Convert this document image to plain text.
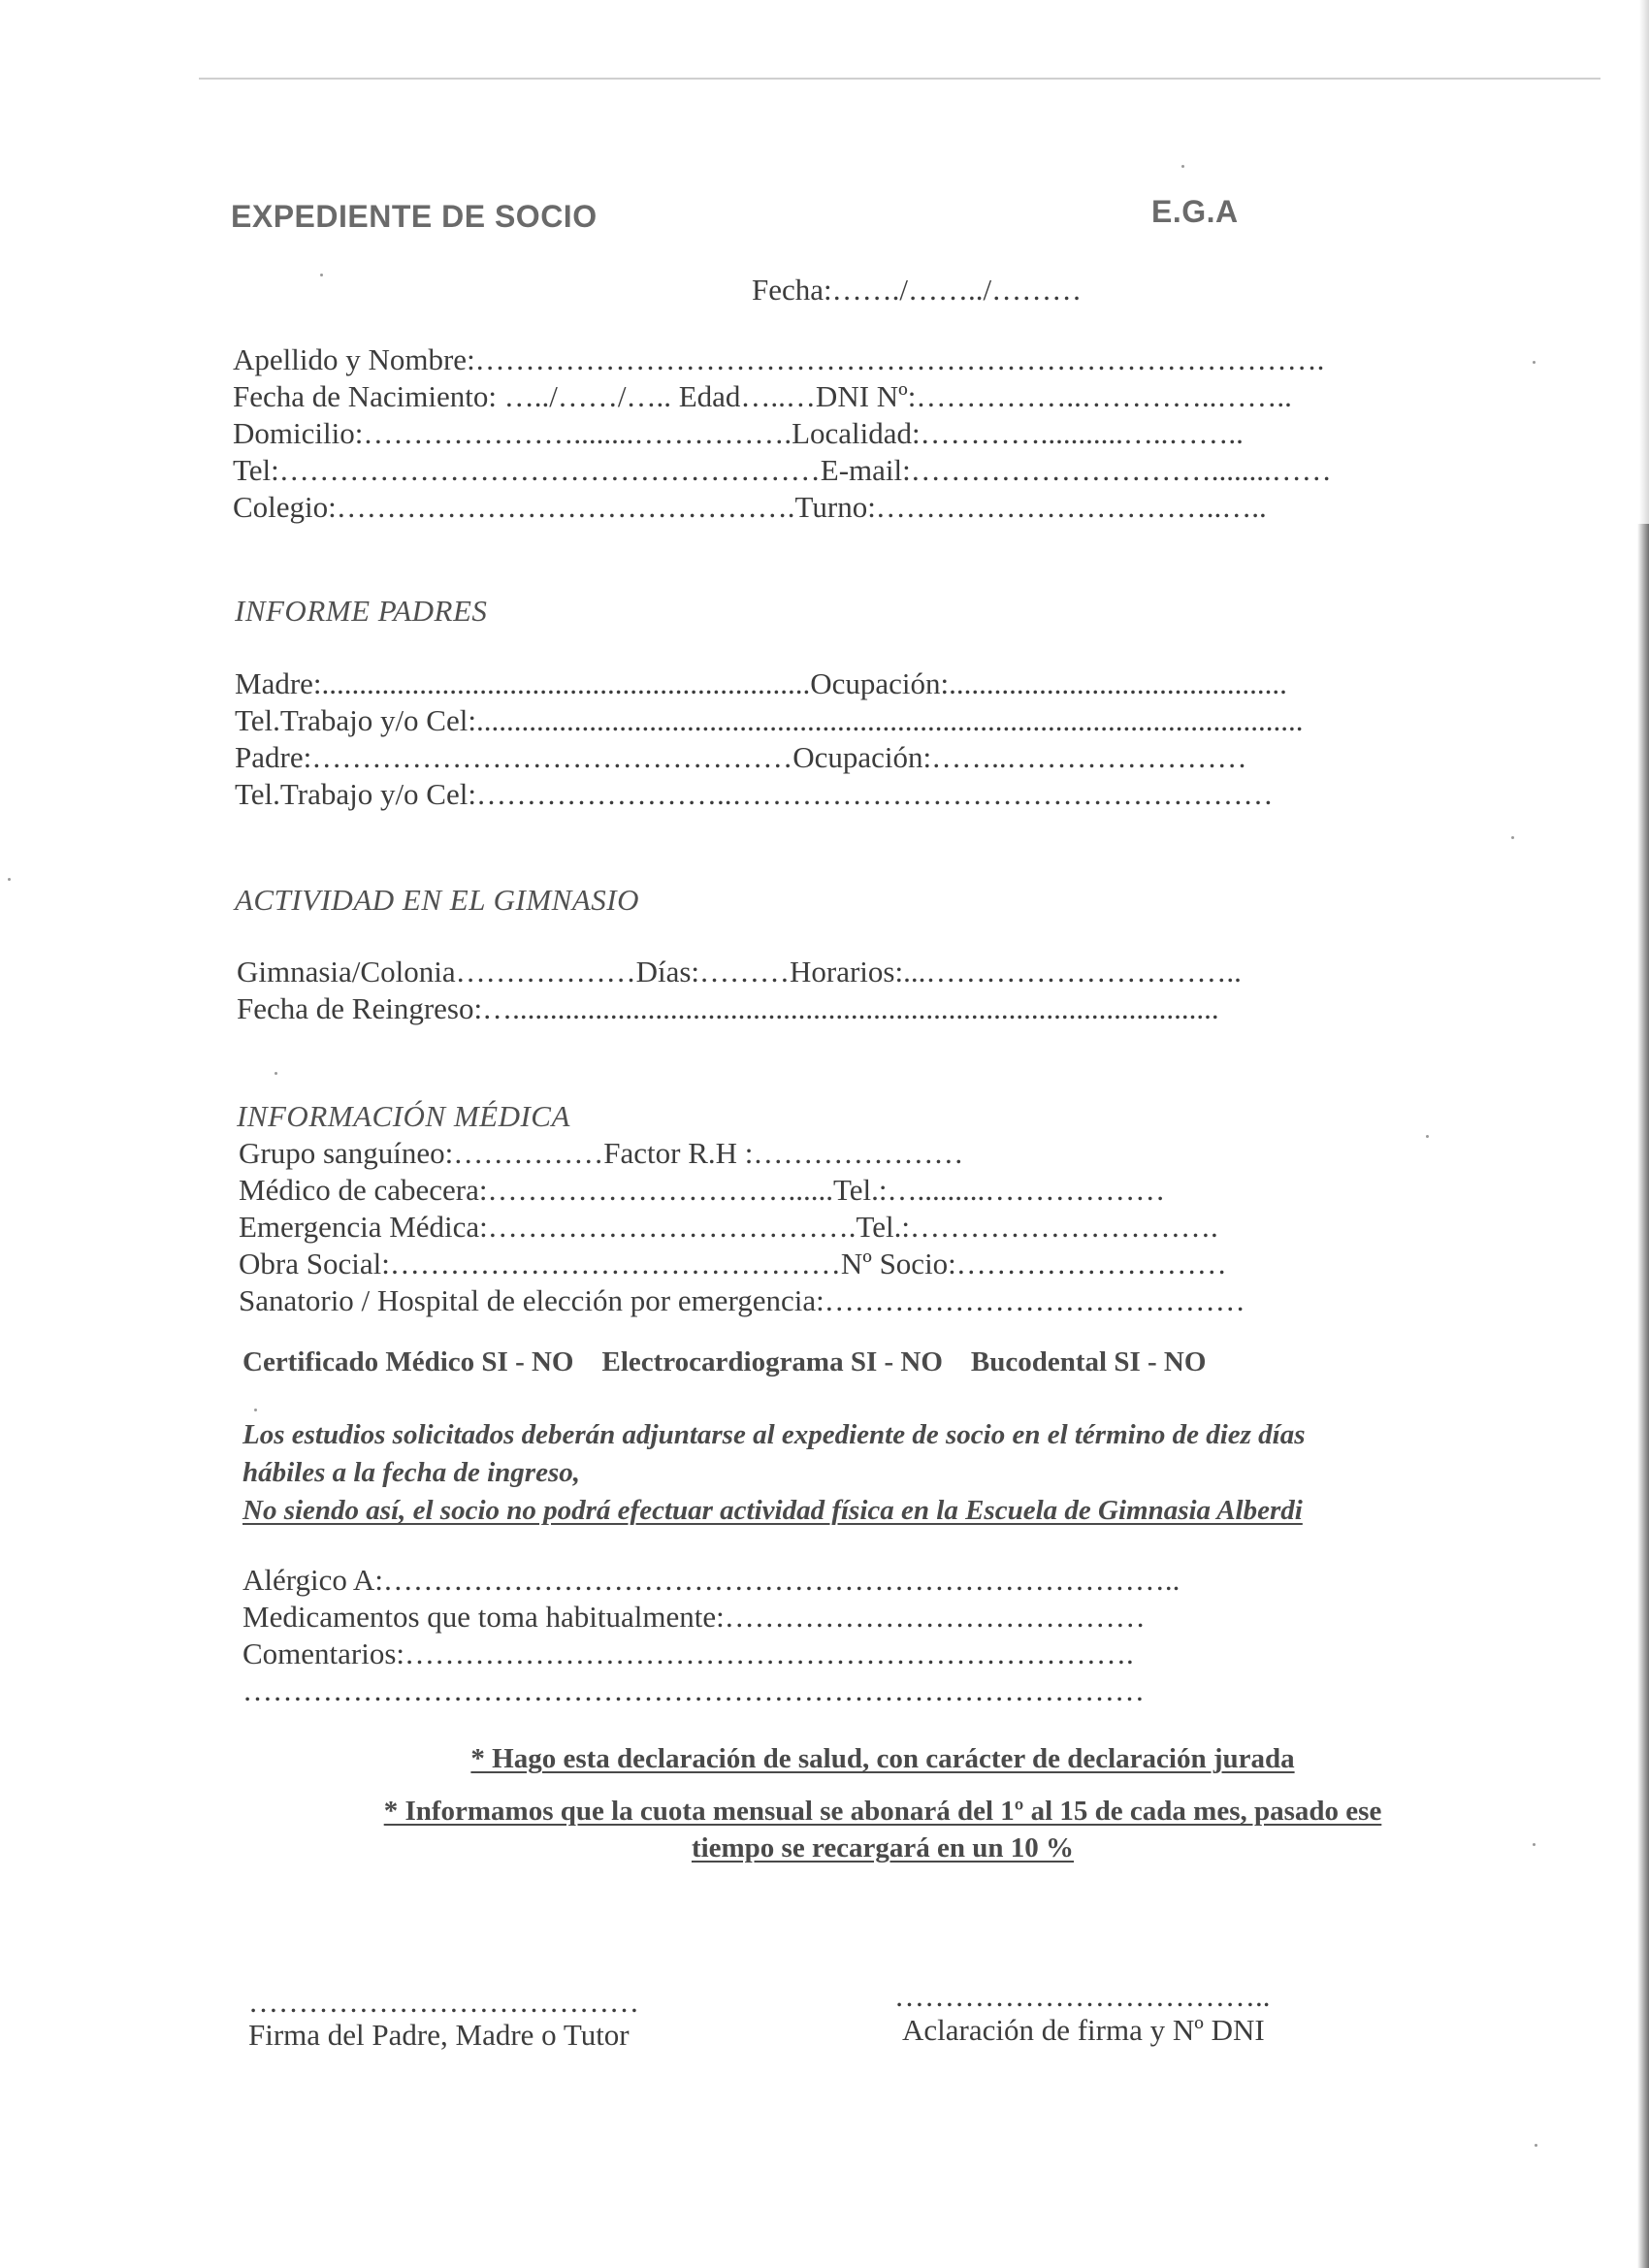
EXPEDIENTE DE SOCIO	E.G.A
Fecha:……./……../………
Apellido y Nombre:………………………………………………………………………….
Fecha de Nacimiento: …../……/….. Edad…..…DNI Nº:……………..…………..……..
Domicilio:…………………........…………….Localidad:…………...........…..……..
Tel:………………………………………………E-mail:…………………………........……
Colegio:……………………………………….Turno:……………………………..…..
INFORME PADRES
Madre:.................................................................Ocupación:.............................................
Tel.Trabajo y/o Cel:..............................................................................................................
Padre:…………………………………………Ocupación:……..……………………
Tel.Trabajo y/o Cel:……………………..………………………………………………
ACTIVIDAD EN EL GIMNASIO
Gimnasia/Colonia………………Días:………Horarios:...…………………………..
Fecha de Reingreso:…..............................................................................................
INFORMACIÓN MÉDICA
Grupo sanguíneo:……………Factor R.H :…………………
Médico de cabecera:…………………………......Tel.:….........………………
Emergencia Médica:……………………………….Tel.:………………………….
Obra Social:………………………………………Nº Socio:………………………
Sanatorio / Hospital de elección por emergencia:……………………………………
Certificado Médico SI - NO    Electrocardiograma SI - NO    Bucodental SI - NO
Los estudios solicitados deberán adjuntarse al expediente de socio en el término de diez días
hábiles a la fecha de ingreso,
No siendo así, el socio no podrá efectuar actividad física en la Escuela de Gimnasia Alberdi
Alérgico A:……………………………………………………………………..
Medicamentos que toma habitualmente:……………………………………
Comentarios:……………………………………………………………….
………………………………………………………………………………
* Hago esta declaración de salud, con carácter de declaración jurada
* Informamos que la cuota mensual se abonará del 1º al 15 de cada mes, pasado ese
tiempo se recargará en un 10 %
…………………………………
Firma del Padre, Madre o Tutor
………………………………..
Aclaración de firma y Nº DNI
